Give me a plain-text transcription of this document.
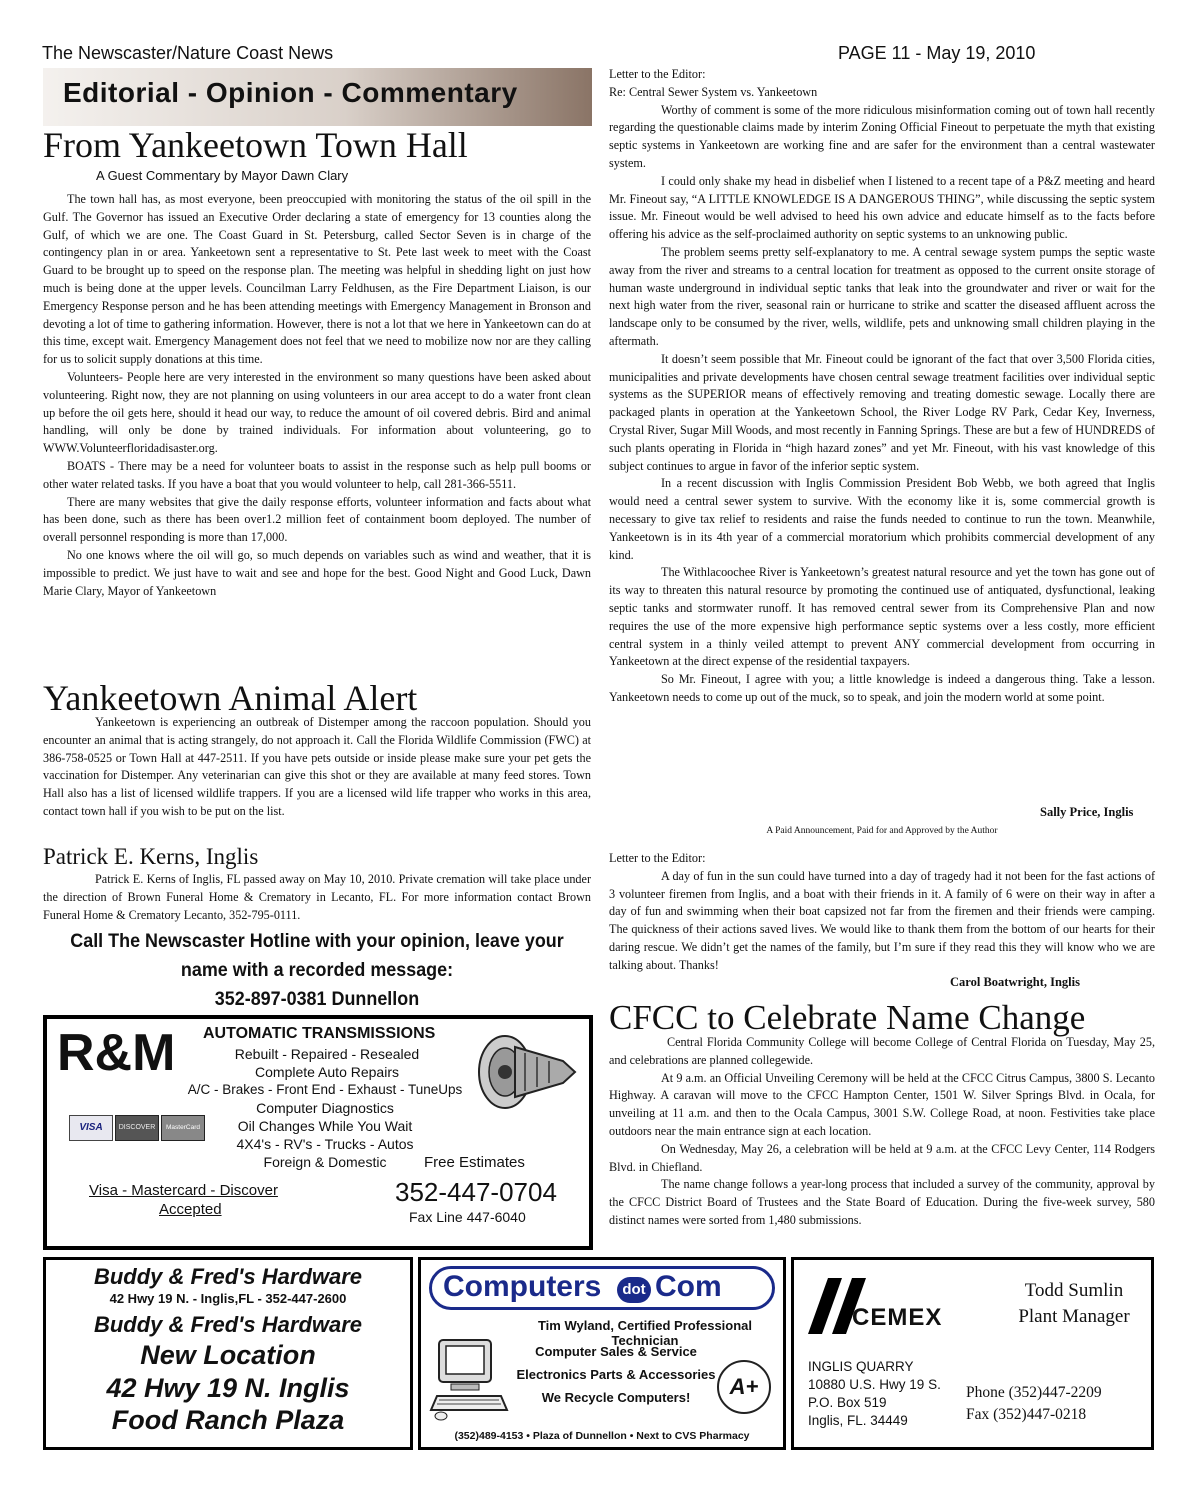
The Newscaster/Nature Coast News	PAGE 11 - May 19, 2010
Editorial - Opinion - Commentary
From Yankeetown Town Hall
A Guest Commentary by Mayor Dawn Clary

The town hall has, as most everyone, been preoccupied with monitoring the status of the oil spill in the Gulf. The Governor has issued an Executive Order declaring a state of emergency for 13 counties along the Gulf, of which we are one. The Coast Guard in St. Petersburg, called Sector Seven is in charge of the contingency plan in or area. Yankeetown sent a representative to St. Pete last week to meet with the Coast Guard to be brought up to speed on the response plan. The meeting was helpful in shedding light on just how much is being done at the upper levels. Councilman Larry Feldhusen, as the Fire Department Liaison, is our Emergency Response person and he has been attending meetings with Emergency Management in Bronson and devoting a lot of time to gathering information. However, there is not a lot that we here in Yankeetown can do at this time, except wait. Emergency Management does not feel that we need to mobilize now nor are they calling for us to solicit supply donations at this time.

Volunteers- People here are very interested in the environment so many questions have been asked about volunteering. Right now, they are not planning on using volunteers in our area accept to do a water front clean up before the oil gets here, should it head our way, to reduce the amount of oil covered debris. Bird and animal handling, will only be done by trained individuals. For information about volunteering, go to WWW.Volunteerfloridadisaster.org.

BOATS - There may be a need for volunteer boats to assist in the response such as help pull booms or other water related tasks. If you have a boat that you would volunteer to help, call 281-366-5511.

There are many websites that give the daily response efforts, volunteer information and facts about what has been done, such as there has been over1.2 million feet of containment boom deployed. The number of overall personnel responding is more than 17,000.

No one knows where the oil will go, so much depends on variables such as wind and weather, that it is impossible to predict. We just have to wait and see and hope for the best. Good Night and Good Luck, Dawn Marie Clary, Mayor of Yankeetown

Yankeetown Animal Alert

Yankeetown is experiencing an outbreak of Distemper among the raccoon population. Should you encounter an animal that is acting strangely, do not approach it. Call the Florida Wildlife Commission (FWC) at 386-758-0525 or Town Hall at 447-2511. If you have pets outside or inside please make sure your pet gets the vaccination for Distemper. Any veterinarian can give this shot or they are available at many feed stores. Town Hall also has a list of licensed wildlife trappers. If you are a licensed wild life trapper who works in this area, contact town hall if you wish to be put on the list.

Patrick E. Kerns, Inglis

Patrick E. Kerns of Inglis, FL passed away on May 10, 2010. Private cremation will take place under the direction of Brown Funeral Home & Crematory in Lecanto, FL. For more information contact Brown Funeral Home & Crematory Lecanto, 352-795-0111.

Call The Newscaster Hotline with your opinion, leave your
name with a recorded message:
352-897-0381 Dunnellon
R&M AUTOMATIC TRANSMISSIONS
Rebuilt - Repaired - Resealed
Complete Auto Repairs
A/C - Brakes - Front End - Exhaust - TuneUps
Computer Diagnostics
Oil Changes While You Wait
4X4's - RV's - Trucks - Autos
Foreign & Domestic	Free Estimates
VISA	DISCOVER	MasterCard
Visa - Mastercard - Discover
Accepted
352-447-0704
Fax Line 447-6040

Letter to the Editor:

Re: Central Sewer System vs. Yankeetown

Worthy of comment is some of the more ridiculous misinformation coming out of town hall recently regarding the questionable claims made by interim Zoning Official Fineout to perpetuate the myth that existing septic systems in Yankeetown are working fine and are safer for the environment than a central wastewater system.

I could only shake my head in disbelief when I listened to a recent tape of a P&Z meeting and heard Mr. Fineout say, “A LITTLE KNOWLEDGE IS A DANGEROUS THING”, while discussing the septic system issue. Mr. Fineout would be well advised to heed his own advice and educate himself as to the facts before offering his advice as the self-proclaimed authority on septic systems to an unknowing public.

The problem seems pretty self-explanatory to me. A central sewage system pumps the septic waste away from the river and streams to a central location for treatment as opposed to the current onsite storage of human waste underground in individual septic tanks that leak into the groundwater and river or wait for the next high water from the river, seasonal rain or hurricane to strike and scatter the diseased affluent across the landscape only to be consumed by the river, wells, wildlife, pets and unknowing small children playing in the aftermath.

It doesn’t seem possible that Mr. Fineout could be ignorant of the fact that over 3,500 Florida cities, municipalities and private developments have chosen central sewage treatment facilities over individual septic systems as the SUPERIOR means of effectively removing and treating domestic sewage. Locally there are packaged plants in operation at the Yankeetown School, the River Lodge RV Park, Cedar Key, Inverness, Crystal River, Sugar Mill Woods, and most recently in Fanning Springs. These are but a few of HUNDREDS of such plants operating in Florida in “high hazard zones” and yet Mr. Fineout, with his vast knowledge of this subject continues to argue in favor of the inferior septic system.

In a recent discussion with Inglis Commission President Bob Webb, we both agreed that Inglis would need a central sewer system to survive. With the economy like it is, some commercial growth is necessary to give tax relief to residents and raise the funds needed to continue to run the town. Meanwhile, Yankeetown is in its 4th year of a commercial moratorium which prohibits commercial development of any kind.

The Withlacoochee River is Yankeetown’s greatest natural resource and yet the town has gone out of its way to threaten this natural resource by promoting the continued use of antiquated, dysfunctional, leaking septic tanks and stormwater runoff. It has removed central sewer from its Comprehensive Plan and now requires the use of the more expensive high performance septic systems over a less costly, more efficient central system in a thinly veiled attempt to prevent ANY commercial development from occurring in Yankeetown at the direct expense of the residential taxpayers.

So Mr. Fineout, I agree with you; a little knowledge is indeed a dangerous thing. Take a lesson. Yankeetown needs to come up out of the muck, so to speak, and join the modern world at some point.

Sally Price, Inglis
A Paid Announcement, Paid for and Approved by the Author

Letter to the Editor:

A day of fun in the sun could have turned into a day of tragedy had it not been for the fast actions of 3 volunteer firemen from Inglis, and a boat with their friends in it. A family of 6 were on their way in after a day of fun and swimming when their boat capsized not far from the firemen and their friends were camping. The quickness of their actions saved lives. We would like to thank them from the bottom of our hearts for their daring rescue. We didn’t get the names of the family, but I’m sure if they read this they will know who we are talking about. Thanks!

Carol Boatwright, Inglis
CFCC to Celebrate Name Change

Central Florida Community College will become College of Central Florida on Tuesday, May 25, and celebrations are planned collegewide.

At 9 a.m. an Official Unveiling Ceremony will be held at the CFCC Citrus Campus, 3800 S. Lecanto Highway. A caravan will move to the CFCC Hampton Center, 1501 W. Silver Springs Blvd. in Ocala, for unveiling at 11 a.m. and then to the Ocala Campus, 3001 S.W. College Road, at noon. Festivities take place outdoors near the main entrance sign at each location.

On Wednesday, May 26, a celebration will be held at 9 a.m. at the CFCC Levy Center, 114 Rodgers Blvd. in Chiefland.

The name change follows a year-long process that included a survey of the community, approval by the CFCC District Board of Trustees and the State Board of Education. During the five-week survey, 580 distinct names were sorted from 1,480 submissions.

Buddy & Fred's Hardware
42 Hwy 19 N. - Inglis,FL - 352-447-2600
Buddy & Fred's Hardware
New Location
42 Hwy 19 N. Inglis
Food Ranch Plaza
Computers	dot Com
Tim Wyland, Certified Professional Technician
Computer Sales & Service
Electronics Parts & Accessories
We Recycle Computers!	A+
(352)489-4153 • Plaza of Dunnellon • Next to CVS Pharmacy
CEMEX
Todd Sumlin
Plant Manager
INGLIS QUARRY
10880 U.S. Hwy 19 S.
P.O. Box 519
Inglis, FL. 34449
Phone (352)447-2209
Fax (352)447-0218
